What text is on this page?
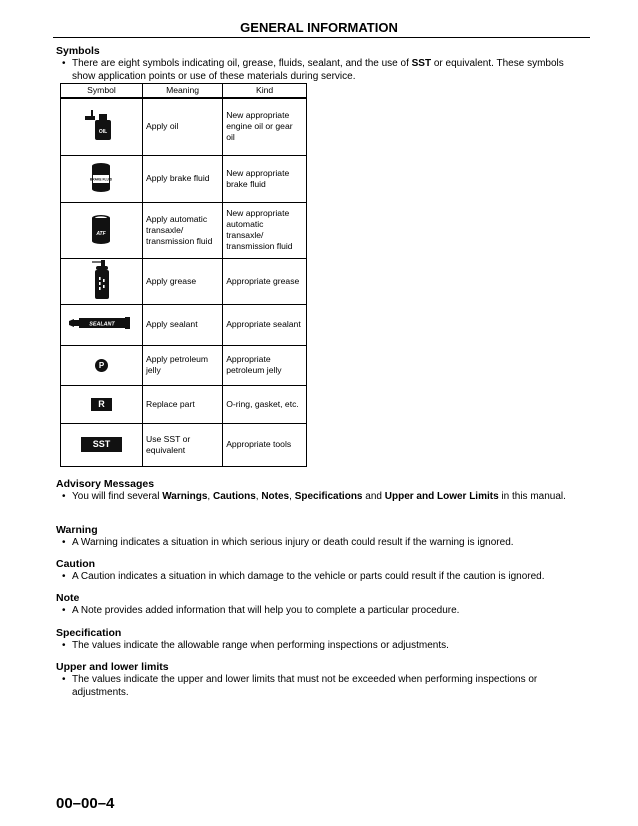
GENERAL INFORMATION
Symbols
• There are eight symbols indicating oil, grease, fluids, sealant, and the use of SST or equivalent. These symbols show application points or use of these materials during service.
Symbol	Meaning	Kind

OIL	Apply oil	New appropriate engine oil or gear oil

BRAKE FLUID	Apply brake fluid	New appropriate brake fluid

ATF	Apply automatic transaxle/ transmission fluid	New appropriate automatic transaxle/ transmission fluid
	Apply grease	Appropriate grease

SEALANT	Apply sealant	Appropriate sealant
P	Apply petroleum jelly	Appropriate petroleum jelly
R	Replace part	O-ring, gasket, etc.
SST	Use SST or equivalent	Appropriate tools
Advisory Messages
• You will find several Warnings, Cautions, Notes, Specifications and Upper and Lower Limits in this manual.
Warning
• A Warning indicates a situation in which serious injury or death could result if the warning is ignored.
Caution
• A Caution indicates a situation in which damage to the vehicle or parts could result if the caution is ignored.
Note
• A Note provides added information that will help you to complete a particular procedure.
Specification
• The values indicate the allowable range when performing inspections or adjustments.
Upper and lower limits
• The values indicate the upper and lower limits that must not be exceeded when performing inspections or adjustments.
00–00–4
